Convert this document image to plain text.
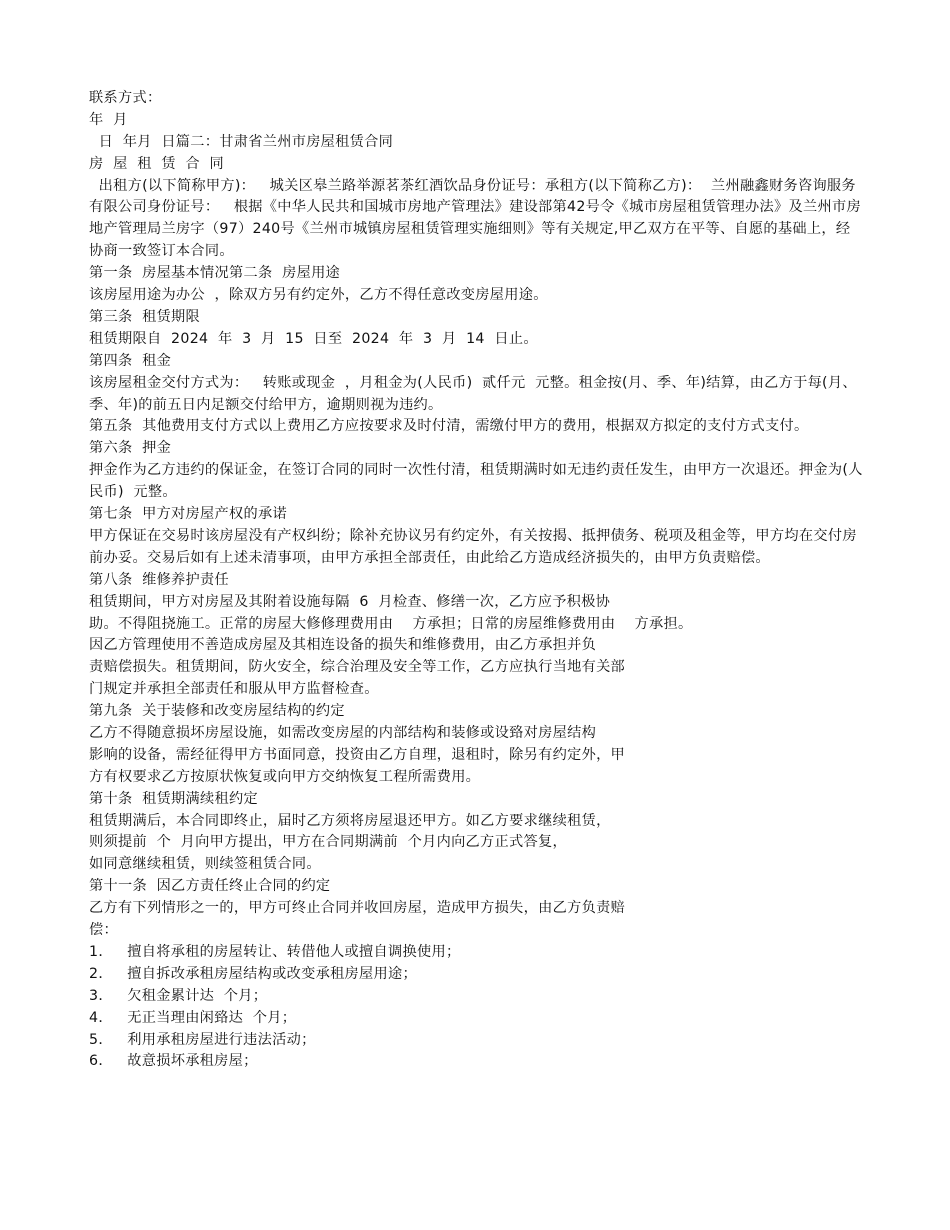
联系方式：
年  月
日  年月  日篇二：甘肃省兰州市房屋租赁合同
房  屋  租  赁  合  同
出租方(以下简称甲方)：   城关区皋兰路举源茗茶红酒饮品身份证号：承租方(以下简称乙方)：  兰州融鑫财务咨询服务有限公司身份证号：   根据《中华人民共和国城市房地产管理法》建设部第42号令《城市房屋租赁管理办法》及兰州市房地产管理局兰房字（97）240号《兰州市城镇房屋租赁管理实施细则》等有关规定,甲乙双方在平等、自愿的基础上，经协商一致签订本合同。
第一条  房屋基本情况第二条  房屋用途
该房屋用途为办公  ，除双方另有约定外，乙方不得任意改变房屋用途。
第三条  租赁期限
租赁期限自  2024  年  3  月  15  日至  2024  年  3  月  14  日止。
第四条  租金
该房屋租金交付方式为：   转账或现金  ，月租金为(人民币)  贰仟元  元整。租金按(月、季、年)结算，由乙方于每(月、季、年)的前五日内足额交付给甲方，逾期则视为违约。
第五条  其他费用支付方式以上费用乙方应按要求及时付清，需缴付甲方的费用，根据双方拟定的支付方式支付。
第六条  押金
押金作为乙方违约的保证金，在签订合同的同时一次性付清，租赁期满时如无违约责任发生，由甲方一次退还。押金为(人民币)  元整。
第七条  甲方对房屋产权的承诺
甲方保证在交易时该房屋没有产权纠纷；除补充协议另有约定外，有关按揭、抵押债务、税项及租金等，甲方均在交付房前办妥。交易后如有上述未清事项，由甲方承担全部责任，由此给乙方造成经济损失的，由甲方负责赔偿。
第八条  维修养护责任
租赁期间，甲方对房屋及其附着设施每隔  6  月检查、修缮一次，乙方应予积极协
助。不得阻挠施工。正常的房屋大修修理费用由    方承担；日常的房屋维修费用由    方承担。
因乙方管理使用不善造成房屋及其相连设备的损失和维修费用，由乙方承担并负
责赔偿损失。租赁期间，防火安全，综合治理及安全等工作，乙方应执行当地有关部
门规定并承担全部责任和服从甲方监督检查。
第九条  关于装修和改变房屋结构的约定
乙方不得随意损坏房屋设施，如需改变房屋的内部结构和装修或设臵对房屋结构
影响的设备，需经征得甲方书面同意，投资由乙方自理，退租时，除另有约定外，甲
方有权要求乙方按原状恢复或向甲方交纳恢复工程所需费用。
第十条  租赁期满续租约定
租赁期满后，本合同即终止，届时乙方须将房屋退还甲方。如乙方要求继续租赁，
则须提前  个  月向甲方提出，甲方在合同期满前  个月内向乙方正式答复，
如同意继续租赁，则续签租赁合同。
第十一条  因乙方责任终止合同的约定
乙方有下列情形之一的，甲方可终止合同并收回房屋，造成甲方损失，由乙方负责赔
偿：
1．   擅自将承租的房屋转让、转借他人或擅自调换使用；
2．   擅自拆改承租房屋结构或改变承租房屋用途；
3．   欠租金累计达  个月；
4．   无正当理由闲臵达  个月；
5．   利用承租房屋进行违法活动；
6．   故意损坏承租房屋；
